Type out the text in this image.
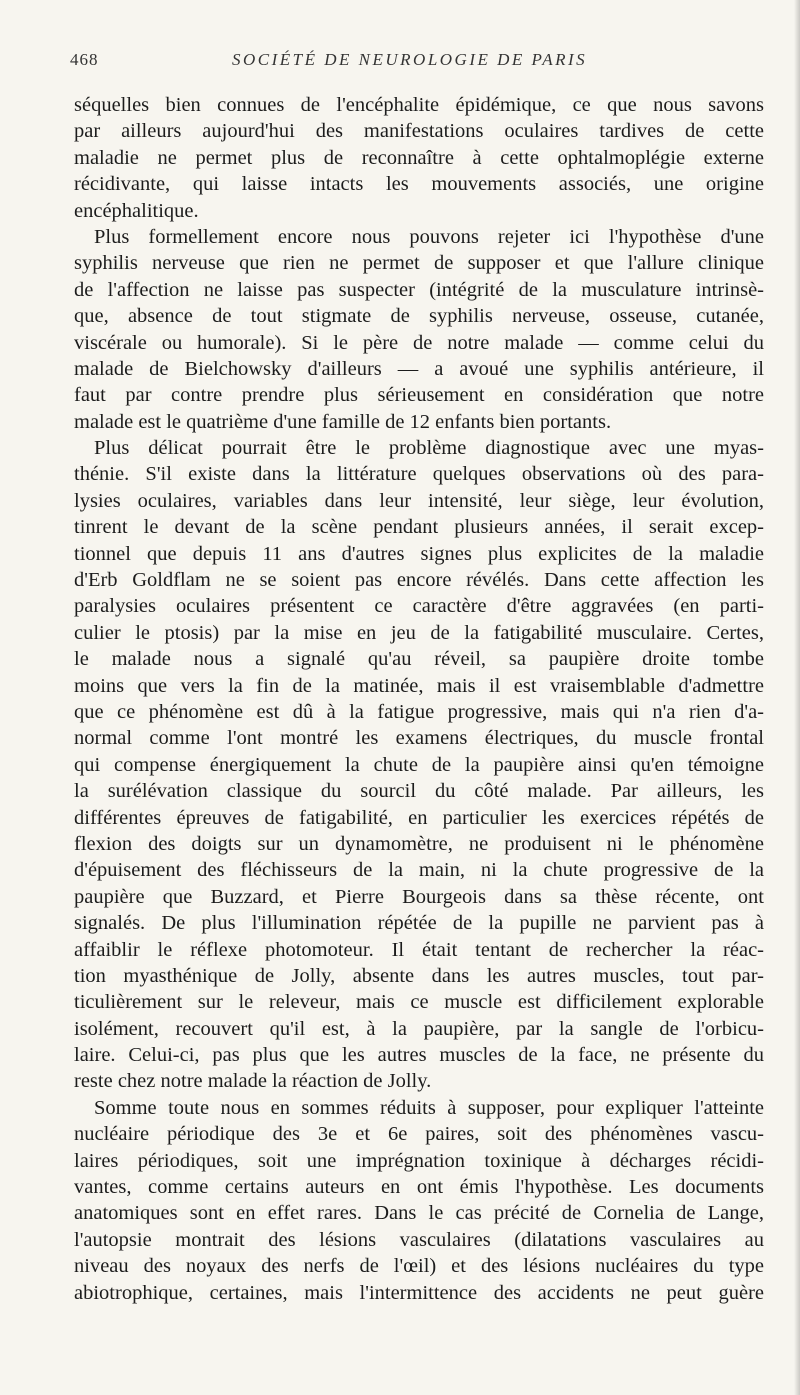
468	SOCIÉTÉ DE NEUROLOGIE DE PARIS
séquelles bien connues de l'encéphalite épidémique, ce que nous savons
par ailleurs aujourd'hui des manifestations oculaires tardives de cette
maladie ne permet plus de reconnaître à cette ophtalmoplégie externe
récidivante, qui laisse intacts les mouvements associés, une origine
encéphalitique.
Plus formellement encore nous pouvons rejeter ici l'hypothèse d'une
syphilis nerveuse que rien ne permet de supposer et que l'allure clinique
de l'affection ne laisse pas suspecter (intégrité de la musculature intrinsè-
que, absence de tout stigmate de syphilis nerveuse, osseuse, cutanée,
viscérale ou humorale). Si le père de notre malade — comme celui du
malade de Bielchowsky d'ailleurs — a avoué une syphilis antérieure, il
faut par contre prendre plus sérieusement en considération que notre
malade est le quatrième d'une famille de 12 enfants bien portants.
Plus délicat pourrait être le problème diagnostique avec une myas-
thénie. S'il existe dans la littérature quelques observations où des para-
lysies oculaires, variables dans leur intensité, leur siège, leur évolution,
tinrent le devant de la scène pendant plusieurs années, il serait excep-
tionnel que depuis 11 ans d'autres signes plus explicites de la maladie
d'Erb Goldflam ne se soient pas encore révélés. Dans cette affection les
paralysies oculaires présentent ce caractère d'être aggravées (en parti-
culier le ptosis) par la mise en jeu de la fatigabilité musculaire. Certes,
le malade nous a signalé qu'au réveil, sa paupière droite tombe
moins que vers la fin de la matinée, mais il est vraisemblable d'admettre
que ce phénomène est dû à la fatigue progressive, mais qui n'a rien d'a-
normal comme l'ont montré les examens électriques, du muscle frontal
qui compense énergiquement la chute de la paupière ainsi qu'en témoigne
la surélévation classique du sourcil du côté malade. Par ailleurs, les
différentes épreuves de fatigabilité, en particulier les exercices répétés de
flexion des doigts sur un dynamomètre, ne produisent ni le phénomène
d'épuisement des fléchisseurs de la main, ni la chute progressive de la
paupière que Buzzard, et Pierre Bourgeois dans sa thèse récente, ont
signalés. De plus l'illumination répétée de la pupille ne parvient pas à
affaiblir le réflexe photomoteur. Il était tentant de rechercher la réac-
tion myasthénique de Jolly, absente dans les autres muscles, tout par-
ticulièrement sur le releveur, mais ce muscle est difficilement explorable
isolément, recouvert qu'il est, à la paupière, par la sangle de l'orbicu-
laire. Celui-ci, pas plus que les autres muscles de la face, ne présente du
reste chez notre malade la réaction de Jolly.
Somme toute nous en sommes réduits à supposer, pour expliquer l'atteinte
nucléaire périodique des 3e et 6e paires, soit des phénomènes vascu-
laires périodiques, soit une imprégnation toxinique à décharges récidi-
vantes, comme certains auteurs en ont émis l'hypothèse. Les documents
anatomiques sont en effet rares. Dans le cas précité de Cornelia de Lange,
l'autopsie montrait des lésions vasculaires (dilatations vasculaires au
niveau des noyaux des nerfs de l'œil) et des lésions nucléaires du type
abiotrophique, certaines, mais l'intermittence des accidents ne peut guère
